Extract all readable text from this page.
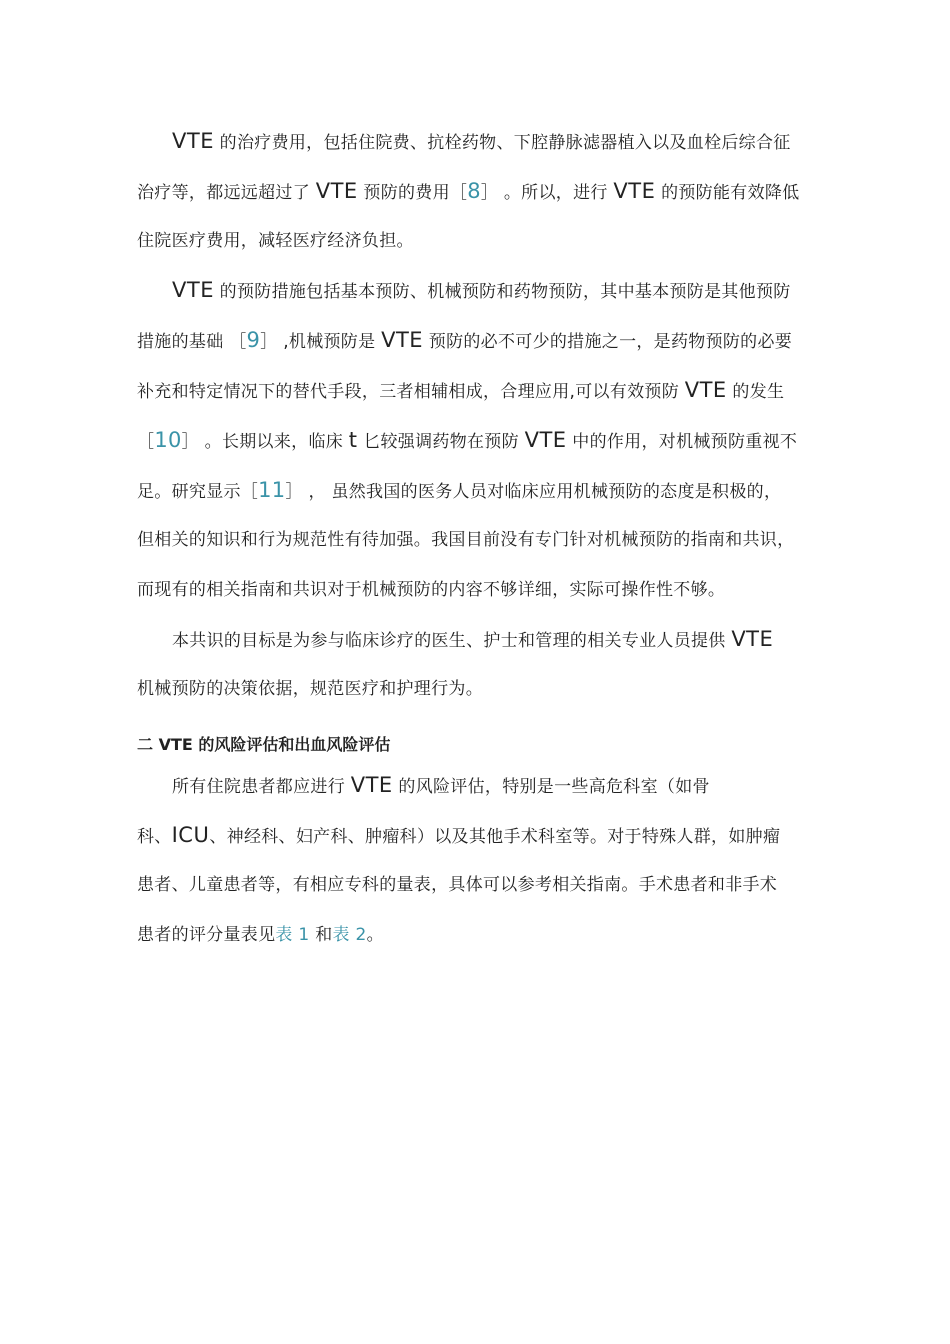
VTE 的治疗费用，包括住院费、抗栓药物、下腔静脉滤器植入以及血栓后综合征
治疗等，都远远超过了 VTE 预防的费用［8］ 。所以，进行 VTE 的预防能有效降低
住院医疗费用，减轻医疗经济负担。
VTE 的预防措施包括基本预防、机械预防和药物预防，其中基本预防是其他预防
措施的基础 ［9］ ,机械预防是 VTE 预防的必不可少的措施之一，是药物预防的必要
补充和特定情况下的替代手段，三者相辅相成，合理应用,可以有效预防 VTE 的发生
［10］ 。长期以来，临床 t 匕较强调药物在预防 VTE 中的作用，对机械预防重视不
足。研究显示［11］ ， 虽然我国的医务人员对临床应用机械预防的态度是积极的，
但相关的知识和行为规范性有待加强。我国目前没有专门针对机械预防的指南和共识，
而现有的相关指南和共识对于机械预防的内容不够详细，实际可操作性不够。
本共识的目标是为参与临床诊疗的医生、护士和管理的相关专业人员提供 VTE
机械预防的决策依据，规范医疗和护理行为。
二 VTE 的风险评估和出血风险评估
所有住院患者都应进行 VTE 的风险评估，特别是一些高危科室（如骨
科、ICU、神经科、妇产科、肿瘤科）以及其他手术科室等。对于特殊人群，如肿瘤
患者、儿童患者等，有相应专科的量表，具体可以参考相关指南。手术患者和非手术
患者的评分量表见表 1 和表 2。
